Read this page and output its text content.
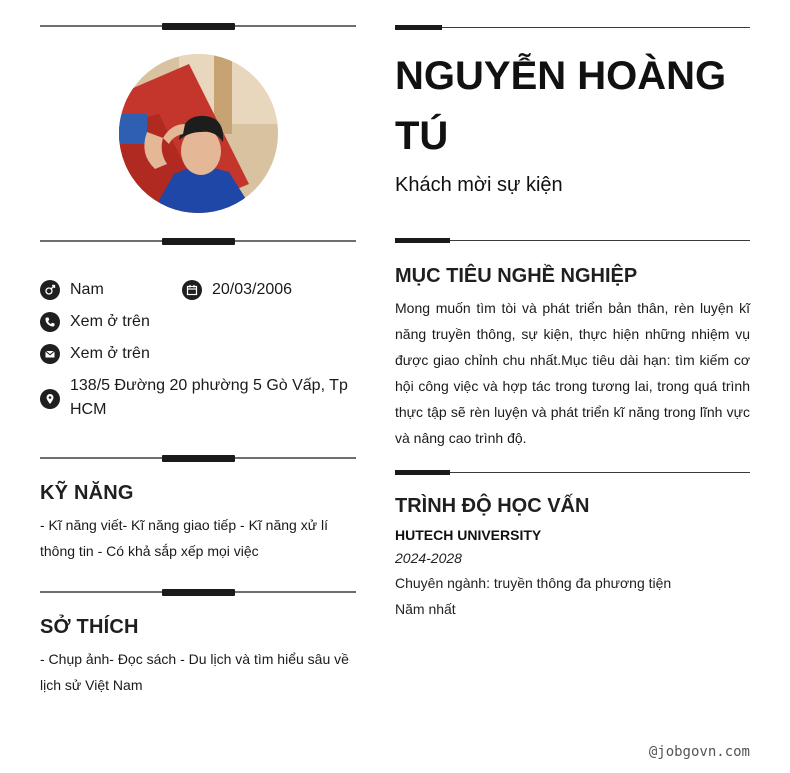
Nam	20/03/2006
Xem ở trên
Xem ở trên
138/5 Đường 20 phường 5 Gò Vấp, Tp HCM
KỸ NĂNG
- Kĩ năng viết- Kĩ năng giao tiếp - Kĩ năng xử lí thông tin - Có khả sắp xếp mọi việc
SỞ THÍCH
- Chụp ảnh- Đọc sách - Du lịch và tìm hiểu sâu về lịch sử Việt Nam
NGUYỄN HOÀNG TÚ
Khách mời sự kiện
MỤC TIÊU NGHỀ NGHIỆP
Mong muốn tìm tòi và phát triển bản thân, rèn luyện kĩ năng truyền thông, sự kiện, thực hiện những nhiệm vụ được giao chỉnh chu nhất.Mục tiêu dài hạn: tìm kiếm cơ hội công việc và hợp tác trong tương lai, trong quá trình thực tập sẽ rèn luyện và phát triển kĩ năng trong lĩnh vực và nâng cao trình độ.
TRÌNH ĐỘ HỌC VẤN
HUTECH UNIVERSITY
2024-2028
Chuyên ngành: truyền thông đa phương tiện
Năm nhất
@jobgovn.com
